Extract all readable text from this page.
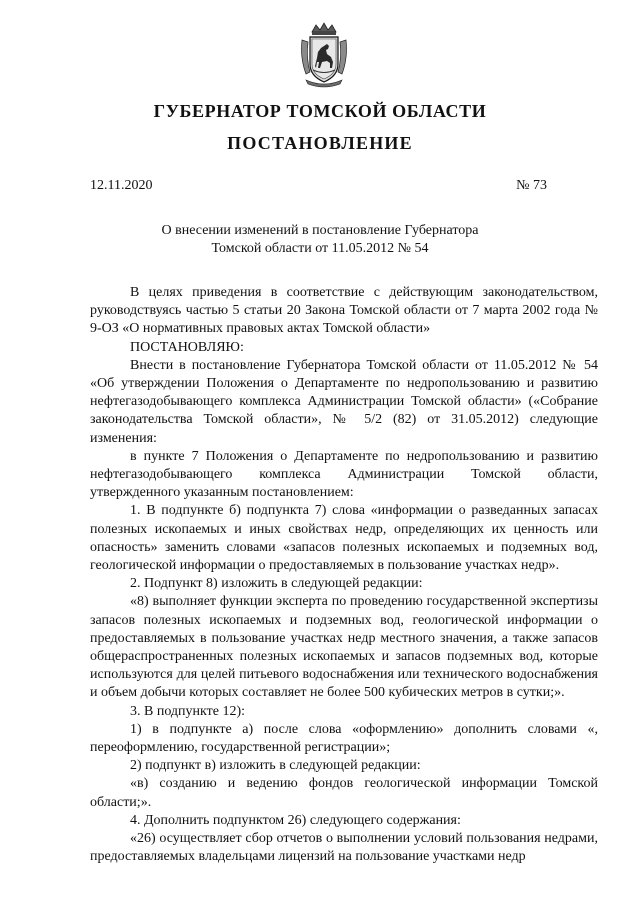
ГУБЕРНАТОР ТОМСКОЙ ОБЛАСТИ
ПОСТАНОВЛЕНИЕ
12.11.2020	№ 73
О внесении изменений в постановление Губернатора
Томской области от 11.05.2012 № 54

В целях приведения в соответствие с действующим законодательством, руководствуясь частью 5 статьи 20 Закона Томской области от 7 марта 2002 года № 9-ОЗ «О нормативных правовых актах Томской области»

ПОСТАНОВЛЯЮ:

Внести в постановление Губернатора Томской области от 11.05.2012 № 54 «Об утверждении Положения о Департаменте по недропользованию и развитию нефтегазодобывающего комплекса Администрации Томской области» («Собрание законодательства Томской области», № 5/2 (82) от 31.05.2012) следующие изменения:

в пункте 7 Положения о Департаменте по недропользованию и развитию нефтегазодобывающего комплекса Администрации Томской области, утвержденного указанным постановлением:

1. В подпункте б) подпункта 7) слова «информации о разведанных запасах полезных ископаемых и иных свойствах недр, определяющих их ценность или опасность» заменить словами «запасов полезных ископаемых и подземных вод, геологической информации о предоставляемых в пользование участках недр».

2. Подпункт 8) изложить в следующей редакции:

«8) выполняет функции эксперта по проведению государственной экспертизы запасов полезных ископаемых и подземных вод, геологической информации о предоставляемых в пользование участках недр местного значения, а также запасов общераспространенных полезных ископаемых и запасов подземных вод, которые используются для целей питьевого водоснабжения или технического водоснабжения и объем добычи которых составляет не более 500 кубических метров в сутки;».

3. В подпункте 12):

1) в подпункте а) после слова «оформлению» дополнить словами «, переоформлению, государственной регистрации»;

2) подпункт в) изложить в следующей редакции:

«в) созданию и ведению фондов геологической информации Томской области;».

4. Дополнить подпунктом 26) следующего содержания:

«26) осуществляет сбор отчетов о выполнении условий пользования недрами, предоставляемых владельцами лицензий на пользование участками недр
